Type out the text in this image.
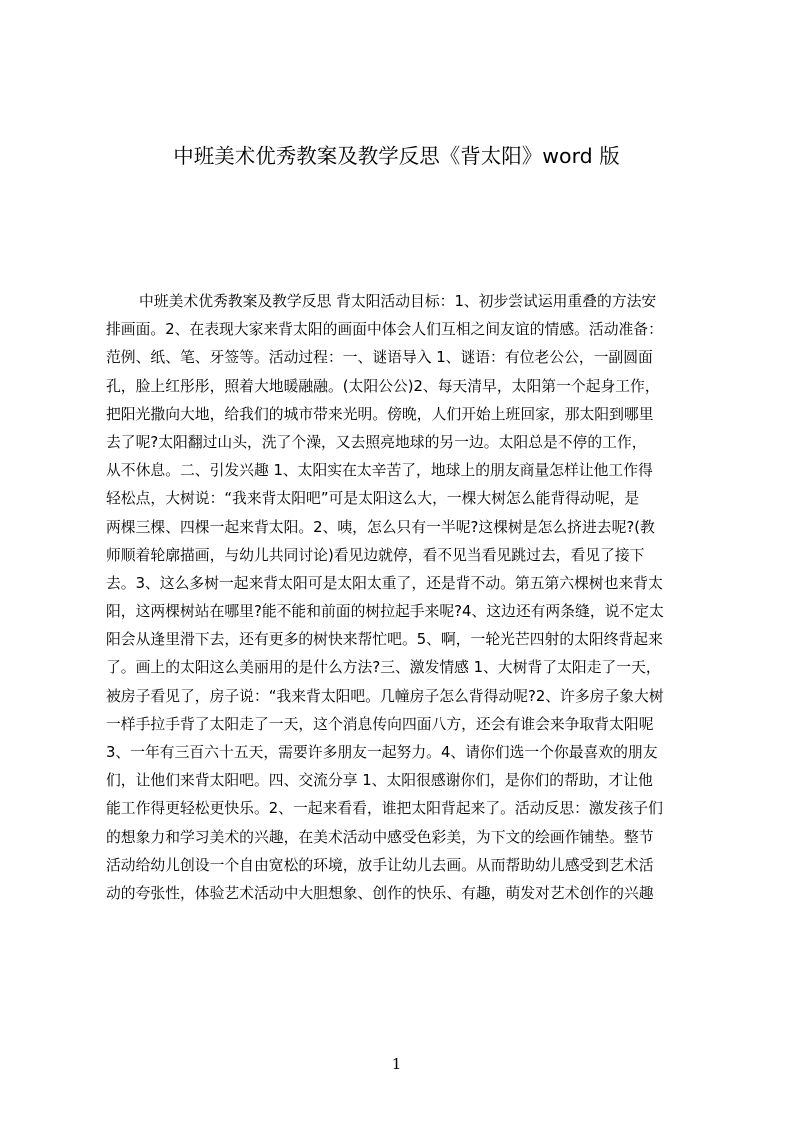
中班美术优秀教案及教学反思《背太阳》word 版
中班美术优秀教案及教学反思 背太阳活动目标：1、初步尝试运用重叠的方法安
排画面。2、在表现大家来背太阳的画面中体会人们互相之间友谊的情感。活动准备：
范例、纸、笔、牙签等。活动过程：一、谜语导入 1、谜语：有位老公公，一副圆面
孔，脸上红彤彤，照着大地暖融融。(太阳公公)2、每天清早，太阳第一个起身工作，
把阳光撒向大地，给我们的城市带来光明。傍晚，人们开始上班回家，那太阳到哪里
去了呢?太阳翻过山头，洗了个澡，又去照亮地球的另一边。太阳总是不停的工作，
从不休息。二、引发兴趣 1、太阳实在太辛苦了，地球上的朋友商量怎样让他工作得
轻松点，大树说：“我来背太阳吧”可是太阳这么大，一棵大树怎么能背得动呢，是
两棵三棵、四棵一起来背太阳。2、咦，怎么只有一半呢?这棵树是怎么挤进去呢?(教
师顺着轮廓描画，与幼儿共同讨论)看见边就停，看不见当看见跳过去，看见了接下
去。3、这么多树一起来背太阳可是太阳太重了，还是背不动。第五第六棵树也来背太
阳，这两棵树站在哪里?能不能和前面的树拉起手来呢?4、这边还有两条缝，说不定太
阳会从逢里滑下去，还有更多的树快来帮忙吧。5、啊，一轮光芒四射的太阳终背起来
了。画上的太阳这么美丽用的是什么方法?三、激发情感 1、大树背了太阳走了一天，
被房子看见了，房子说：“我来背太阳吧。几幢房子怎么背得动呢?2、许多房子象大树
一样手拉手背了太阳走了一天，这个消息传向四面八方，还会有谁会来争取背太阳呢
3、一年有三百六十五天，需要许多朋友一起努力。4、请你们选一个你最喜欢的朋友
们，让他们来背太阳吧。四、交流分享 1、太阳很感谢你们，是你们的帮助，才让他
能工作得更轻松更快乐。2、一起来看看，谁把太阳背起来了。活动反思：激发孩子们
的想象力和学习美术的兴趣，在美术活动中感受色彩美，为下文的绘画作铺垫。整节
活动给幼儿创设一个自由宽松的环境，放手让幼儿去画。从而帮助幼儿感受到艺术活
动的夸张性，体验艺术活动中大胆想象、创作的快乐、有趣，萌发对艺术创作的兴趣
1
